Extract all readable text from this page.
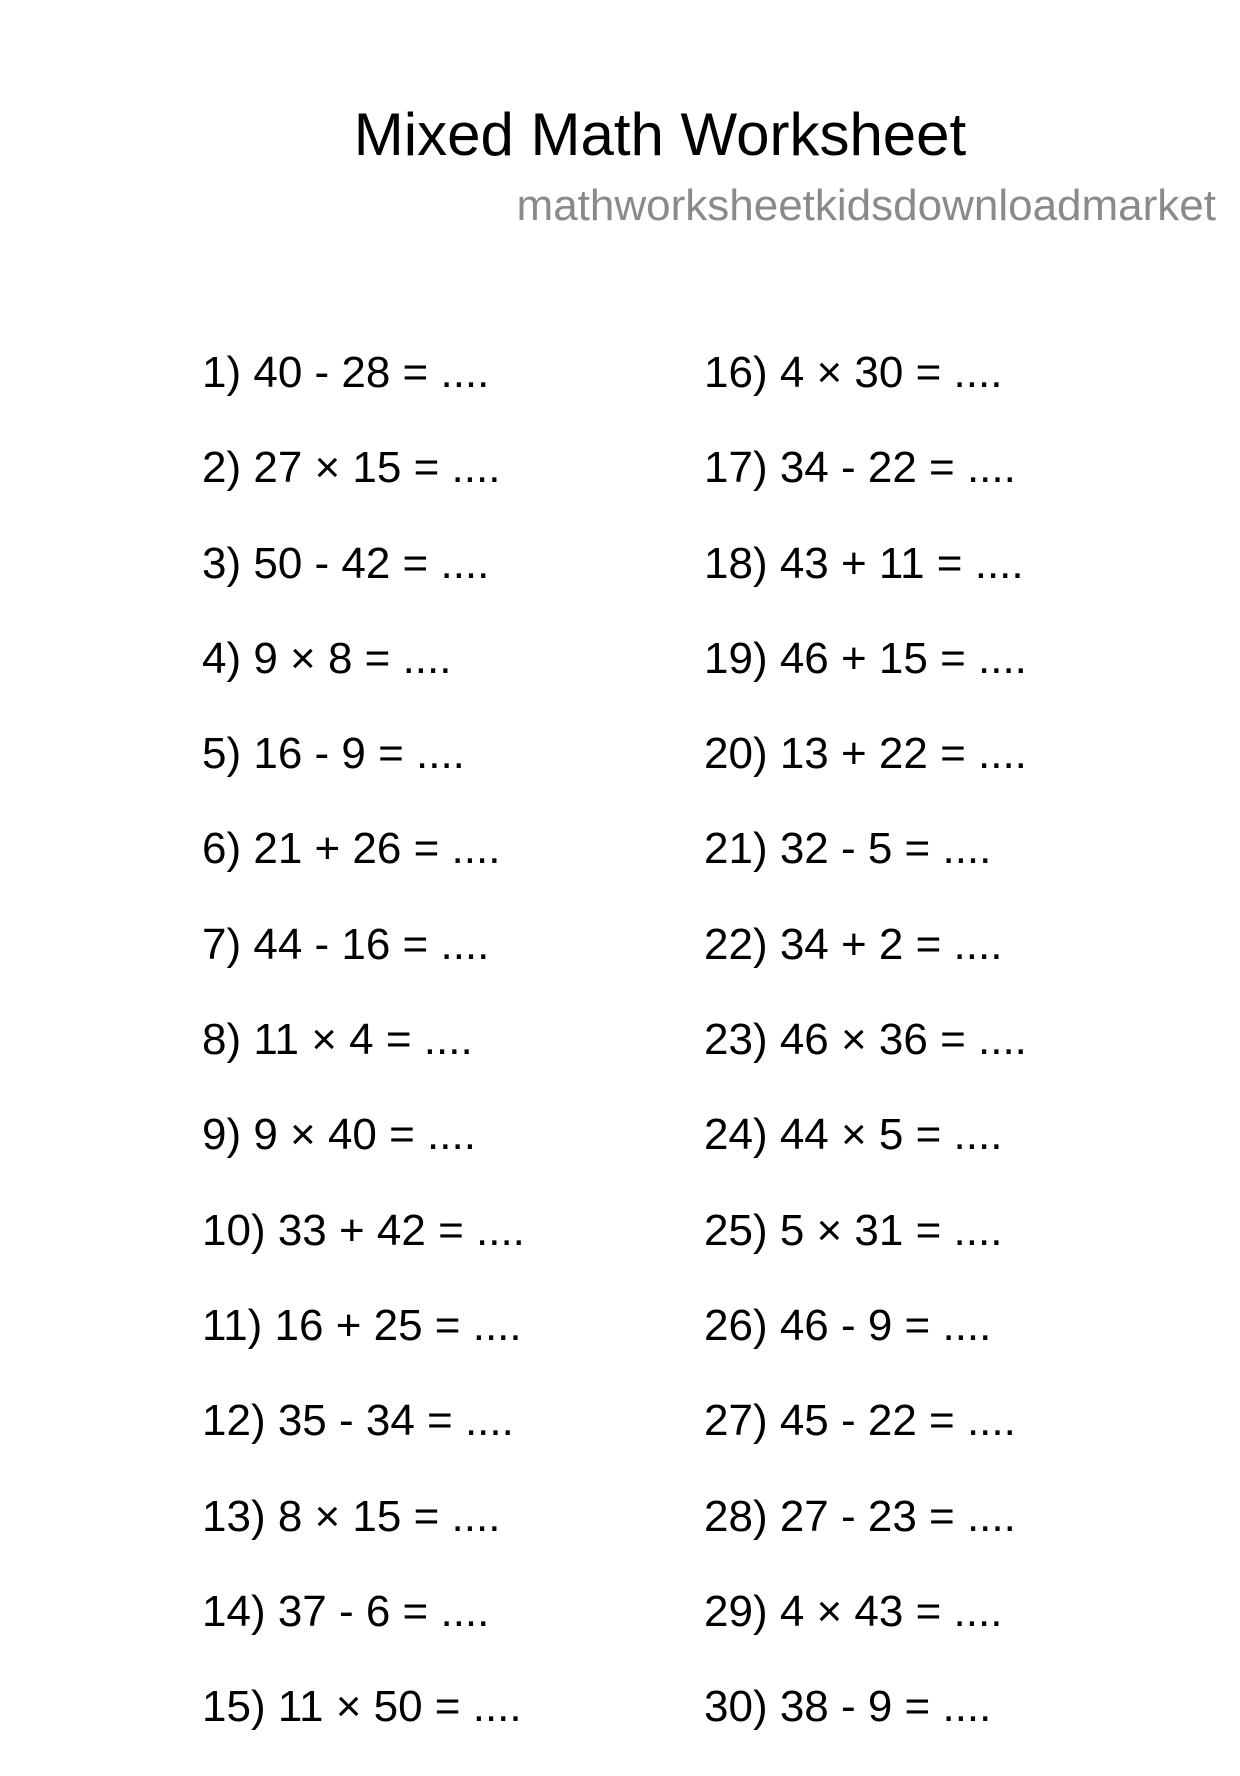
Mixed Math Worksheet
mathworksheetkidsdownloadmarket
1) 40 - 28 = ....
2) 27 × 15 = ....
3) 50 - 42 = ....
4) 9 × 8 = ....
5) 16 - 9 = ....
6) 21 + 26 = ....
7) 44 - 16 = ....
8) 11 × 4 = ....
9) 9 × 40 = ....
10) 33 + 42 = ....
11) 16 + 25 = ....
12) 35 - 34 = ....
13) 8 × 15 = ....
14) 37 - 6 = ....
15) 11 × 50 = ....
16) 4 × 30 = ....
17) 34 - 22 = ....
18) 43 + 11 = ....
19) 46 + 15 = ....
20) 13 + 22 = ....
21) 32 - 5 = ....
22) 34 + 2 = ....
23) 46 × 36 = ....
24) 44 × 5 = ....
25) 5 × 31 = ....
26) 46 - 9 = ....
27) 45 - 22 = ....
28) 27 - 23 = ....
29) 4 × 43 = ....
30) 38 - 9 = ....
